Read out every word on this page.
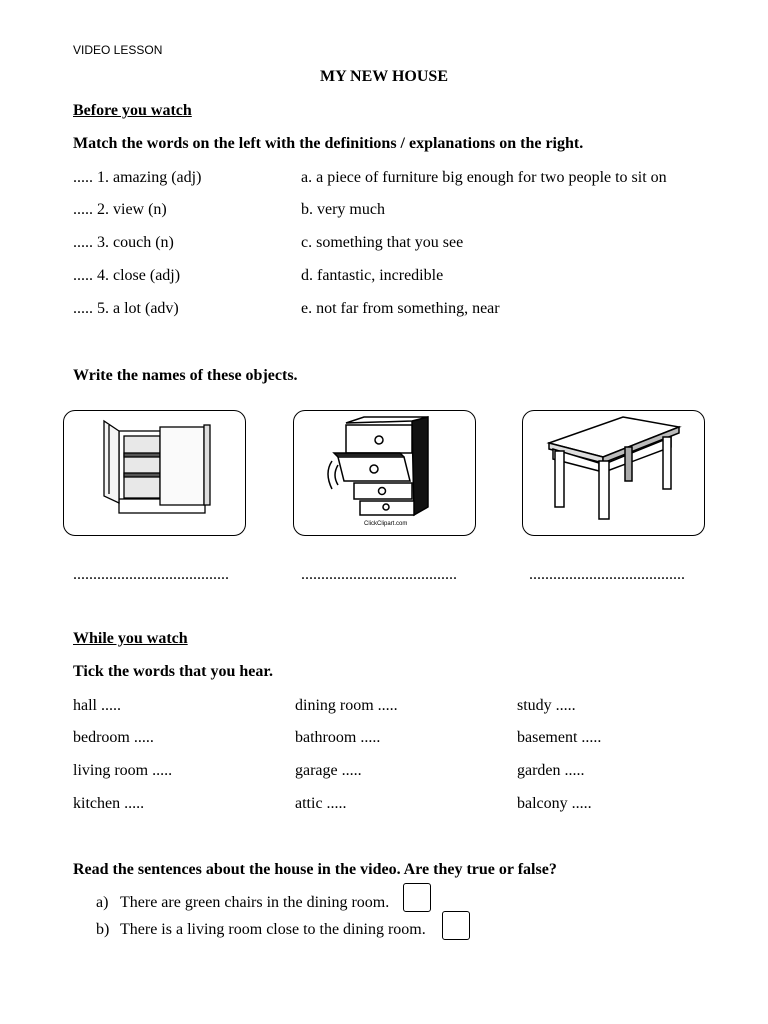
VIDEO LESSON
MY NEW HOUSE
Before you watch
Match the words on the left with the definitions / explanations on the right.
..... 1. amazing (adj)
..... 2. view (n)
..... 3. couch (n)
..... 4. close (adj)
..... 5. a lot (adv)
a. a piece of furniture big enough for two people to sit on
b. very much
c. something that you see
d. fantastic, incredible
e. not far from something, near
Write the names of these objects.
ClickClipart.com
.......................................	.......................................	.......................................
While you watch
Tick the words that you hear.
hall .....
bedroom .....
living room .....
kitchen .....
dining room .....
bathroom .....
garage .....
attic .....
study .....
basement .....
garden .....
balcony .....
Read the sentences about the house in the video. Are they true or false?
a) There are green chairs in the dining room.
b) There is a living room close to the dining room.
